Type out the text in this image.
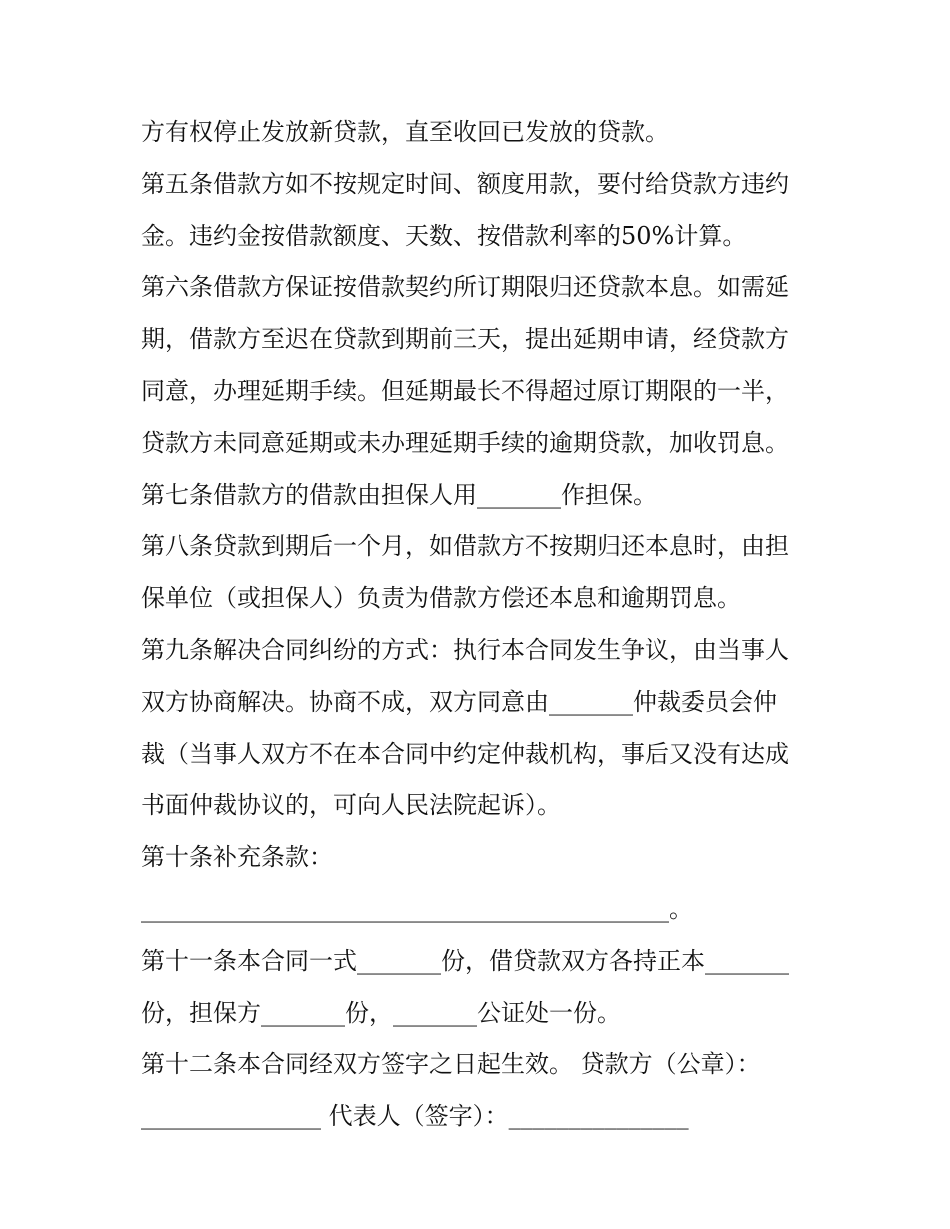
方有权停止发放新贷款，直至收回已发放的贷款。

第五条借款方如不按规定时间、额度用款，要付给贷款方违约

金。违约金按借款额度、天数、按借款利率的50%计算。

第六条借款方保证按借款契约所订期限归还贷款本息。如需延

期，借款方至迟在贷款到期前三天，提出延期申请，经贷款方

同意，办理延期手续。但延期最长不得超过原订期限的一半，

贷款方未同意延期或未办理延期手续的逾期贷款，加收罚息。

第七条借款方的借款由担保人用_______作担保。

第八条贷款到期后一个月，如借款方不按期归还本息时，由担

保单位（或担保人）负责为借款方偿还本息和逾期罚息。

第九条解决合同纠纷的方式：执行本合同发生争议，由当事人

双方协商解决。协商不成，双方同意由_______仲裁委员会仲

裁（当事人双方不在本合同中约定仲裁机构，事后又没有达成

书面仲裁协议的，可向人民法院起诉）。

第十条补充条款：

____________________________________________。

第十一条本合同一式_______份，借贷款双方各持正本_______

份，担保方_______份，_______公证处一份。

第十二条本合同经双方签字之日起生效。 贷款方（公章）：

_______________ 代表人（签字）：_______________
